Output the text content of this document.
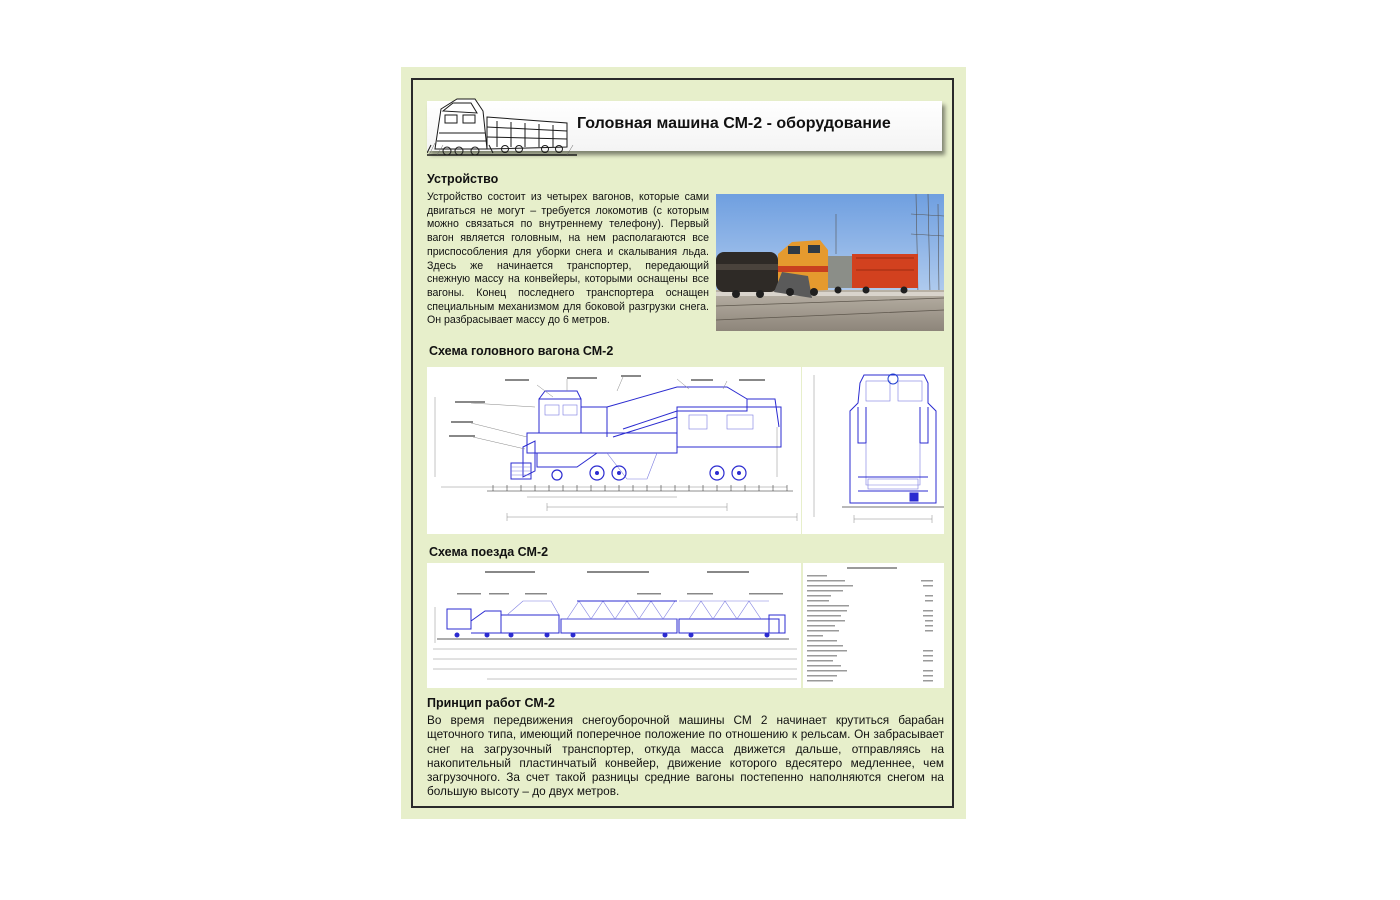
Головная машина СМ-2 - оборудование
Устройство

Устройство состоит из четырех вагонов, которые сами двигаться не могут – требуется локомотив (с которым можно связаться по внутреннему телефону). Первый вагон является головным, на нем располагаются все приспособления для уборки снега и скалывания льда. Здесь же начинается транспортер, передающий снежную массу на конвейеры, которыми оснащены все вагоны. Конец последнего транспортера оснащен специальным механизмом для боковой разгрузки снега. Он разбрасывает массу до 6 метров.

Схема головного вагона СМ-2
Схема поезда СМ-2
Принцип работ СМ-2

Во время передвижения снегоуборочной машины СМ 2 начинает крутиться барабан щеточного типа, имеющий поперечное положение по отношению к рельсам. Он забрасывает снег на загрузочный транспортер, откуда масса движется дальше, отправляясь на накопительный пластинчатый конвейер, движение которого вдесятеро медленнее, чем загрузочного. За счет такой разницы средние вагоны постепенно наполняются снегом на большую высоту – до двух метров.
